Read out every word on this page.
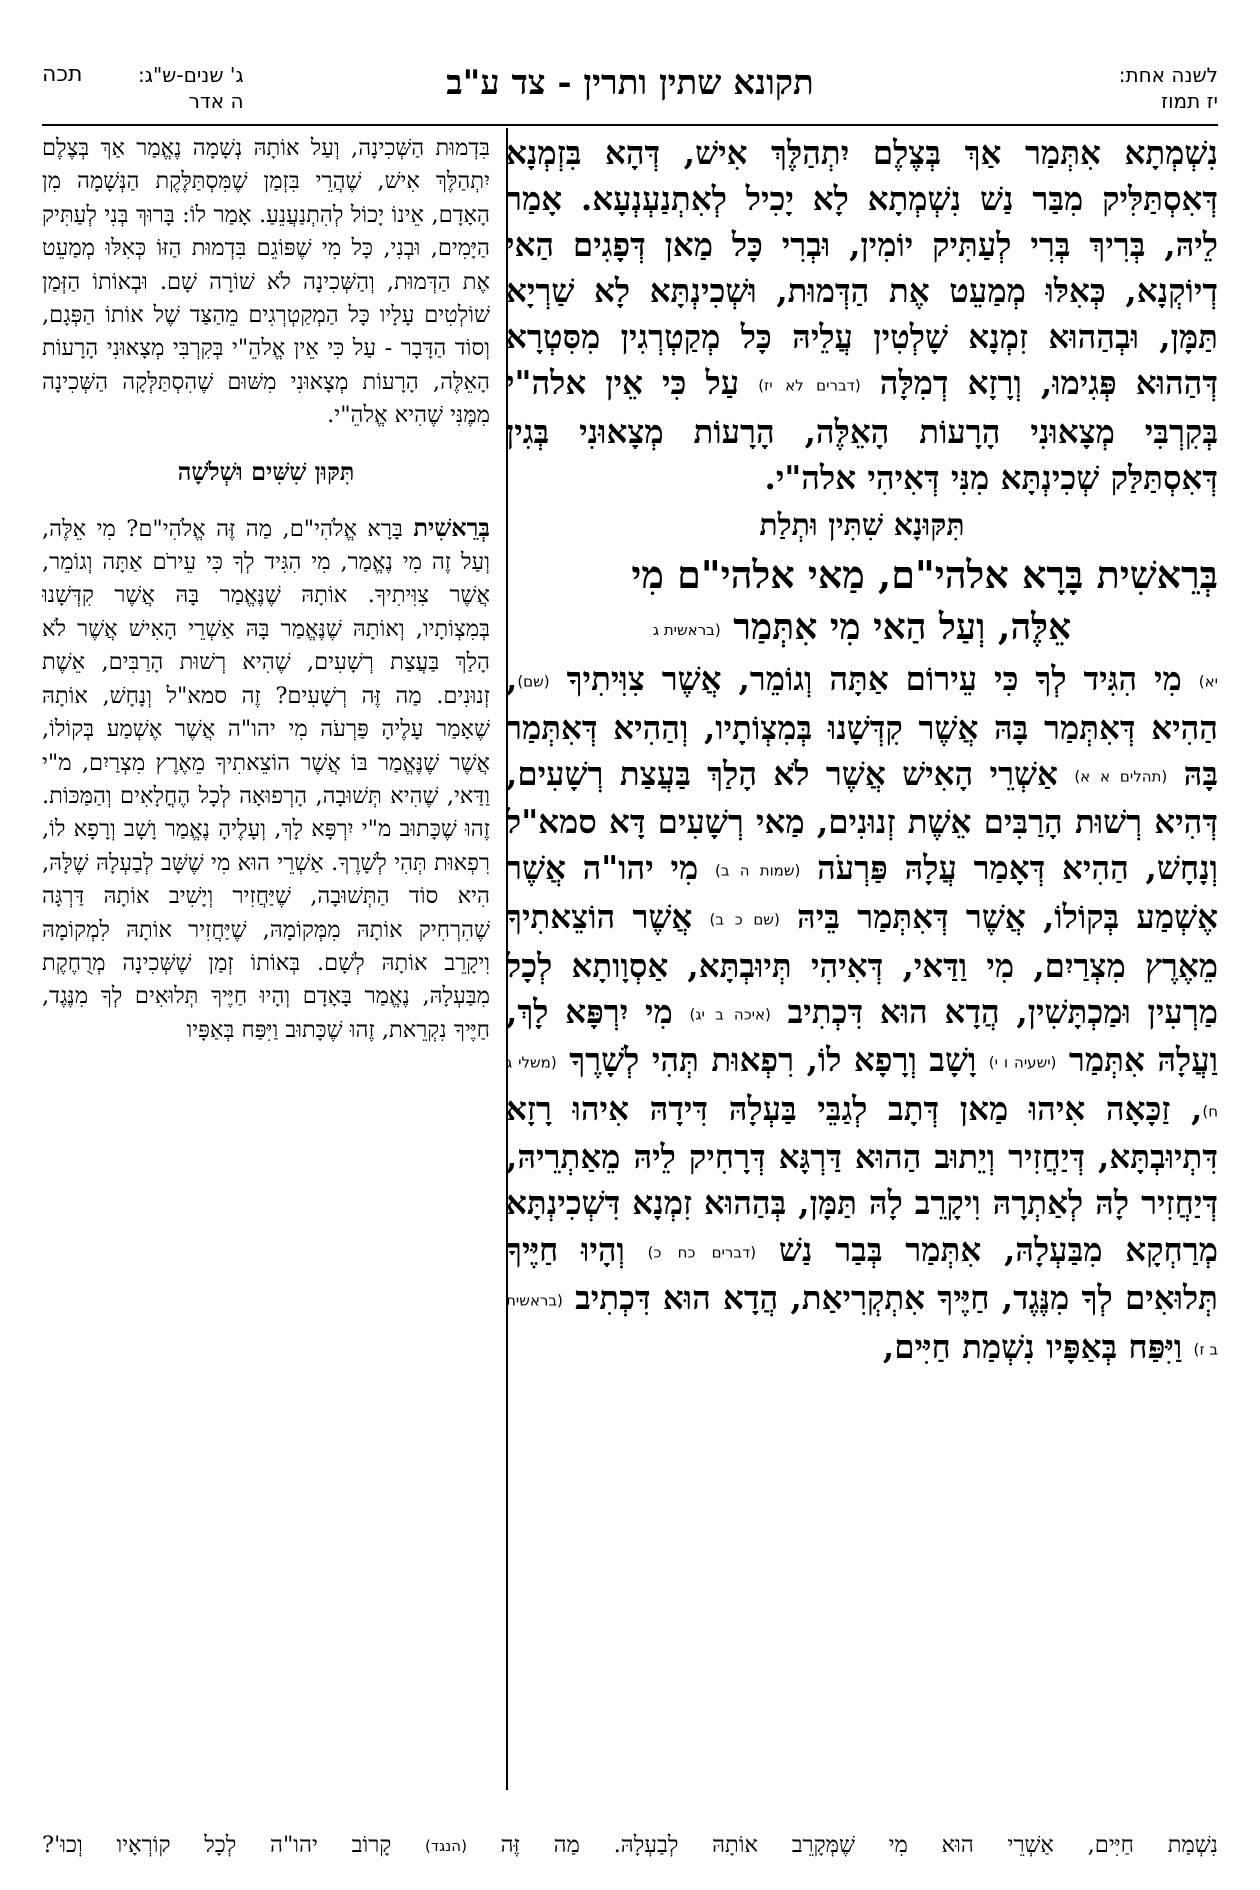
לשנה אחת:
יז תמוז
תקונא שתין ותרין - צד ע"ב
ג' שנים-ש"ג:
ה אדר
תכה

נִשְׁמְתָא אִתְּמַר אַךְ בְּצֶלֶם יִתְהַלֶּךְ אִישׁ, דְּהָא בִּזְמְנָא דְּאִסְתַּלִּיק מִבַּר נַשׁ נִשְׁמְתָא לָא יָכִיל לְאִתְנַעְנְעָא. אָמַר לֵיהּ, בְּרִיךְ בְּרִי לְעַתִּיק יוֹמִין, וּבְרִי כָּל מַאן דְּפָגִים הַאי דְיוֹקְנָא, כְּאִלּוּ מְמַעֵט אֶת הַדְּמוּת, וּשְׁכִינְתָּא לָא שַׁרְיָא תַּמָּן, וּבְהַהוּא זִמְנָא שָׁלְטִין עֲלֵיהּ כָּל מְקַטְרְגִין מִסִּטְרָא דְּהַהוּא פְּגִימוּ, וְרָזָא דְמִלָּה (דברים לא יז) עַל כִּי אֵין אלה"י בְּקִרְבִּי מְצָאוּנִי הָרָעוֹת הָאֵלֶּה, הָרָעוֹת מְצָאוּנִי בְּגִין דְּאִסְתַּלַּק שְׁכִינְתָּא מִנִּי דְּאִיהִי אלה"י.

תִּקּוּנָא שִׁתִּין וּתְלַת

בְּרֵאשִׁית בָּרָא אלהי"ם, מַאי אלהי"ם מִי

אֵלֶּה, וְעַל הַאי מִי אִתְּמַר (בראשית ג

יא) מִי הִגִּיד לְךָ כִּי עֵירוֹם אַתָּה וְגוֹמֵר, אֲשֶׁר צִוִּיתִיךָ (שם), הַהִיא דְּאִתְּמַר בָּהּ אֲשֶׁר קִדְּשָׁנוּ בְּמִצְוֹתָיו, וְהַהִיא דְּאִתְּמַר בָּהּ (תהלים א א) אַשְׁרֵי הָאִישׁ אֲשֶׁר לֹא הָלַךְ בַּעֲצַת רְשָׁעִים, דְּהִיא רְשׁוּת הָרַבִּים אֵשֶׁת זְנוּנִים, מַאי רְשָׁעִים דָּא סמא"ל וְנָחָשׁ, הַהִיא דְּאָמַר עֲלָהּ פַּרְעֹה (שמות ה ב) מִי יהו"ה אֲשֶׁר אֶשְׁמַע בְּקוֹלוֹ, אֲשֶׁר דְּאִתְּמַר בֵּיהּ (שם כ ב) אֲשֶׁר הוֹצֵאתִיךָ מֵאֶרֶץ מִצְרַיִם, מִי וַדַּאי, דְּאִיהִי תְּיוּבְתָּא, אַסְוָותָא לְכָל מַרְעִין וּמַכְתָּשִׁין, הֲדָא הוּא דִּכְתִיב (איכה ב יג) מִי יִרְפָּא לָךְ, וַעֲלָהּ אִתְּמַר (ישעיה ו י) וָשָׁב וְרָפָא לוֹ, רִפְאוּת תְּהִי לְשָׁרֶךָ (משלי ג ח), זַכָּאָה אִיהוּ מַאן דְּתָב לְגַבֵּי בַּעְלָהּ דִּידָהּ אִיהוּ רָזָא דִּתְיוּבְתָּא, דְּיַחֲזִיר וְיֵתוּב הַהוּא דַּרְגָּא דְּרָחִיק לֵיהּ מֵאַתְרֵיהּ, דְּיַחֲזִיר לָהּ לְאַתְרָהּ וִיקָרֵב לָהּ תַּמָּן, בְּהַהוּא זִמְנָא דִּשְׁכִינְתָּא מְרַחְקָא מִבַּעְלָהּ, אִתְּמַר בְּבַר נַשׁ (דברים כח כ) וְהָיוּ חַיֶּיךָ תְּלוּאִים לְךָ מִנֶּגֶד, חַיֶּיךָ אִתְקְרִיאַת, הֲדָא הוּא דִּכְתִיב (בראשית ב ז) וַיִּפַּח בְּאַפָּיו נִשְׁמַת חַיִּים,

בִּדְמוּת הַשְּׁכִינָה, וְעַל אוֹתָהּ נְשָׁמָה נֶאֱמַר אַךְ בְּצֶלֶם יִתְהַלֶּךְ אִישׁ, שֶׁהֲרֵי בִּזְמַן שֶׁמִּסְתַּלֶּקֶת הַנְּשָׁמָה מִן הָאָדָם, אֵינוֹ יָכוֹל לְהִתְנַעֲנֵעַ. אָמַר לוֹ: בָּרוּךְ בְּנִי לְעַתִּיק הַיָּמִים, וּבְנִי, כָּל מִי שֶׁפּוֹגֵם בִּדְמוּת הַזּוֹ כְּאִלּוּ מְמַעֵט אֶת הַדְּמוּת, וְהַשְּׁכִינָה לֹא שׁוֹרָה שָׁם. וּבְאוֹתוֹ הַזְּמַן שׁוֹלְטִים עָלָיו כָּל הַמְקַטְרְגִים מֵהַצַּד שֶׁל אוֹתוֹ הַפְּגָם, וְסוֹד הַדָּבָר - עַל כִּי אֵין אֱלהֵ"י בְּקִרְבִּי מְצָאוּנִי הָרָעוֹת הָאֵלֶּה, הָרָעוֹת מְצָאוּנִי מִשּׁוּם שֶׁהִסְתַּלְּקָה הַשְּׁכִינָה מִמֶּנִּי שֶׁהִיא אֱלהֵ"י.

תִּקּוּן שִׁשִּׁים וּשְׁלֹשָׁה

בְּרֵאשִׁית בָּרָא אֱלֹהִי"ם, מַה זֶּה אֱלֹהִי"ם? מִי אֵלֶּה, וְעַל זֶה מִי נֶאֱמַר, מִי הִגִּיד לְךָ כִּי עֵירֹם אַתָּה וְגוֹמֵר, אֲשֶׁר צִוִּיתִיךָ. אוֹתָהּ שֶׁנֶּאֱמַר בָּהּ אֲשֶׁר קִדְּשָׁנוּ בְּמִצְוֹתָיו, וְאוֹתָהּ שֶׁנֶּאֱמַר בָּהּ אַשְׁרֵי הָאִישׁ אֲשֶׁר לֹא הָלַךְ בַּעֲצַת רְשָׁעִים, שֶׁהִיא רְשׁוּת הָרַבִּים, אֵשֶׁת זְנוּנִים. מַה זֶּה רְשָׁעִים? זֶה סמא"ל וְנָחָשׁ, אוֹתָהּ שֶׁאָמַר עָלֶיהָ פַּרְעֹה מִי יהו"ה אֲשֶׁר אֶשְׁמַע בְּקוֹלוֹ, אֲשֶׁר שֶׁנֶּאֱמַר בּוֹ אֲשֶׁר הוֹצֵאתִיךָ מֵאֶרֶץ מִצְרַיִם, מ"י וַדַּאי, שֶׁהִיא תְּשׁוּבָה, הָרְפוּאָה לְכָל הֶחֳלָאִים וְהַמַּכּוֹת. זֶהוּ שֶׁכָּתוּב מ"י יִרְפָּא לָךְ, וְעָלֶיהָ נֶאֱמַר וָשָׁב וְרָפָא לוֹ, רִפְאוּת תְּהִי לְשָׁרֶךָ. אַשְׁרֵי הוּא מִי שֶׁשָּׁב לְבַעְלָהּ שֶׁלָּהּ, הִיא סוֹד הַתְּשׁוּבָה, שֶׁיַּחֲזִיר וְיָשִׁיב אוֹתָהּ דַּרְגָּה שֶׁהִרְחִיק אוֹתָהּ מִמְּקוֹמָהּ, שֶׁיַּחֲזִיר אוֹתָהּ לִמְקוֹמָהּ וִיקָרֵב אוֹתָהּ לְשָׁם. בְּאוֹתוֹ זְמַן שֶׁשְּׁכִינָה מְרֻחֶקֶת מִבַּעְלָהּ, נֶאֱמַר בָּאָדָם וְהָיוּ חַיֶּיךָ תְּלוּאִים לְךָ מִנֶּגֶד, חַיֶּיךָ נִקְרֵאת, זֶהוּ שֶׁכָּתוּב וַיִּפַּח בְּאַפָּיו

נִשְׁמַת חַיִּים, אַשְׁרֵי הוּא מִי שֶׁמְּקָרֵב אוֹתָהּ לְבַעְלָהּ. מַה זֶּה (הנגד) קָרוֹב יהו"ה לְכָל קוֹרְאָיו וְכוּ'?
